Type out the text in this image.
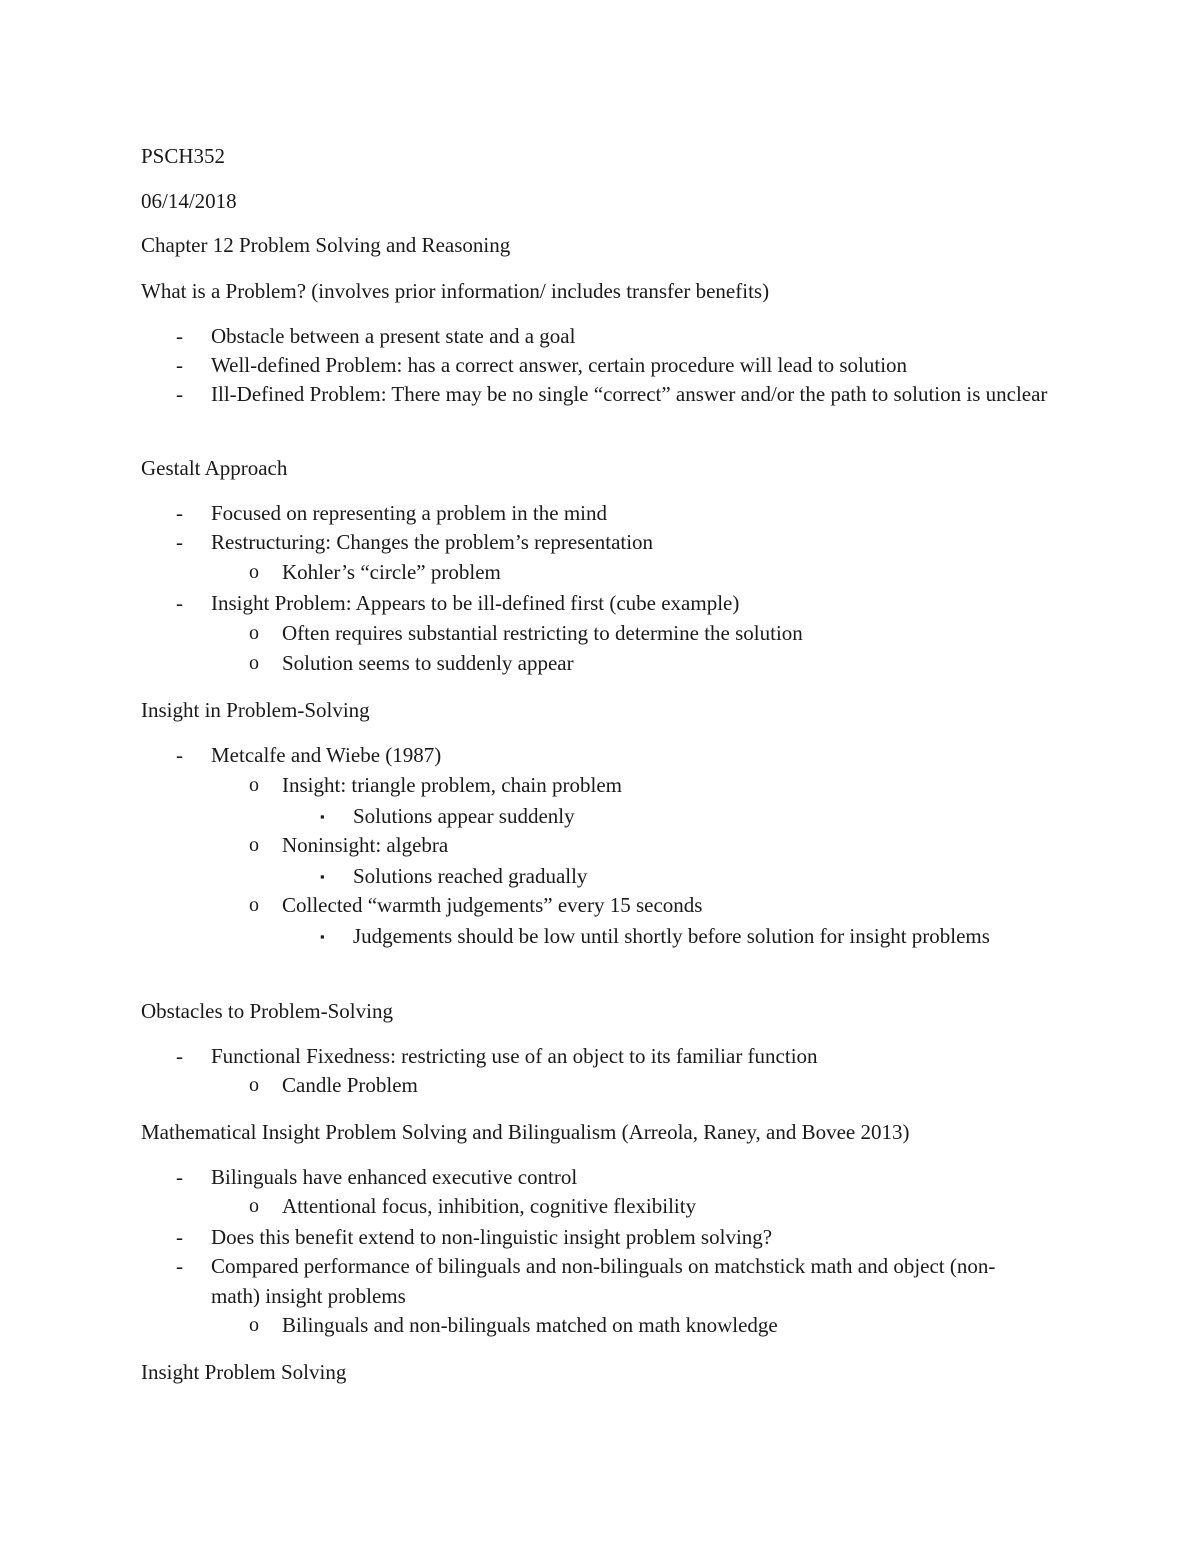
PSCH352

06/14/2018

Chapter 12 Problem Solving and Reasoning

What is a Problem? (involves prior information/ includes transfer benefits)

- Obstacle between a present state and a goal
- Well-defined Problem: has a correct answer, certain procedure will lead to solution
- Ill-Defined Problem: There may be no single “correct” answer and/or the path to solution is unclear

Gestalt Approach

- Focused on representing a problem in the mind
- Restructuring: Changes the problem’s representation
o Kohler’s “circle” problem
- Insight Problem: Appears to be ill-defined first (cube example)
o Often requires substantial restricting to determine the solution
o Solution seems to suddenly appear

Insight in Problem-Solving

- Metcalfe and Wiebe (1987)
o Insight: triangle problem, chain problem
▪ Solutions appear suddenly
o Noninsight: algebra
▪ Solutions reached gradually
o Collected “warmth judgements” every 15 seconds
▪ Judgements should be low until shortly before solution for insight problems

Obstacles to Problem-Solving

- Functional Fixedness: restricting use of an object to its familiar function
o Candle Problem

Mathematical Insight Problem Solving and Bilingualism (Arreola, Raney, and Bovee 2013)

- Bilinguals have enhanced executive control
o Attentional focus, inhibition, cognitive flexibility
- Does this benefit extend to non-linguistic insight problem solving?
- Compared performance of bilinguals and non-bilinguals on matchstick math and object (non-math) insight problems
o Bilinguals and non-bilinguals matched on math knowledge

Insight Problem Solving
